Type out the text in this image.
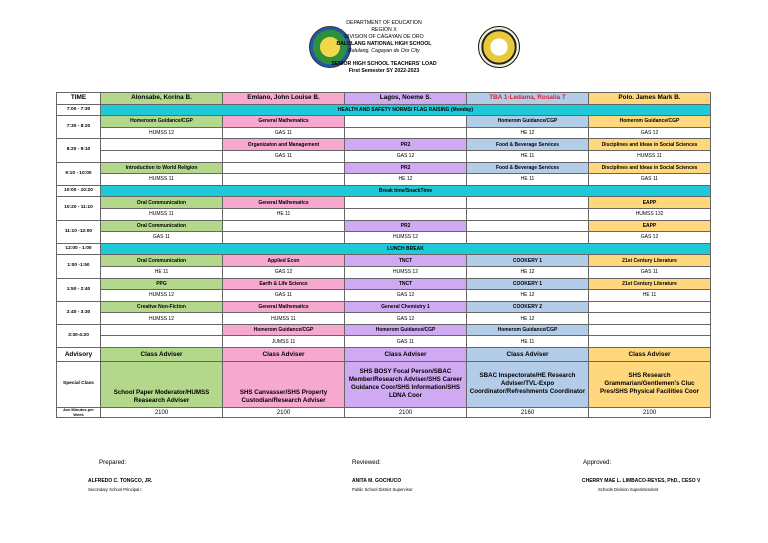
DEPARTMENT OF EDUCATION
REGION X
DIVISION OF CAGAYAN DE ORO
BALULANG NATIONAL HIGH SCHOOL
Balulang, Cagayan de Oro City
SENIOR HIGH SCHOOL TEACHERS' LOAD
First Semester SY 2022-2023
TIME	Alonsabe, Korina B.	Emlano, John Louise B.	Lagos, Noeme S.	TBA 1-Ledama, Rosalia T	Polo. James Mark B.
7:00 - 7:30	HEALTH AND SAFETY NORMS/ FLAG RAISING (Monday)				
7:30 - 8:20	Homeroom Guidance/CGP	General Mathematics		Homerom Guidance/CGP	Homerom Guidance/CGP
	HUMSS 12	GAS 11		HE 12	GAS 12
8:20 - 9:10		Organizaton and Management	PR2	Food & Beverage Services	Disciplines and Ideas in Social Sciences
		GAS 11	GAS 12	HE 11	HUMSS 11
9:10 - 10:00	Introduction to World Religion		PR2	Food & Beverage Services	Disciplines and Ideas in Social Sciences
	HUMSS 11		HE 12	HE 11	GAS 11
10:00 - 10:20	Break time/SnackTime				
10:20 - 11:10	Oral Communication	General Mathematics			EAPP
	HUMSS 11	HE 11			HUMSS 132
11:10 -12:00	Oral Communication		PR2		EAPP
	GAS 11		HUMSS 12		GAS 12
12:00 - 1:00	LUNCH BREAK				
1:00 -1:50	Oral Communication	Applied Econ	TNCT	COOKERY 1	21st Century Literature
	HE 11	GAS 12	HUMSS 12	HE 12	GAS 11
1:50 - 2:40	PPG	Earth & Life Science	TNCT	COOKERY 1	21st Century Literature
	HUMSS 12	GAS 11	GAS 12	HE 12	HE 11
2:40 - 3:30	Creative Non-Fiction	General Mathematics	General Chemistry 1	COOKERY 2	
	HUMSS 12	HUMSS 11	GAS 12	HE 12	
3:30-4:20		Homerom Guidance/CGP	Homerom Guidance/CGP	Homerom Guidance/CGP	
		JUMSS 11	GAS 11	HE 11	
Advisory	Class Adviser	Class Adviser	Class Adviser	Class Adviser	Class Adviser
Special Class	School Paper Moderator/HUMSS Reasearch Adviser	SHS Canvasser/SHS Property Custodian/Research Adviser	SHS BOSY Focal Person/SBAC Member/Research Adviser/SHS Career Guidance Coor/SHS Information/SHS LDNA Coor	SBAC Inspectorate/HE Research Adviser/TVL-Expo Coordinator/Refreshments Coordinator	SHS Research Grammarian/Gentlemen's Cluc Pres/SHS Physical Facilities Coor
Ave Minutes per Week	2100	2100	2100	2160	2100
Prepared:	Reviewed:	Approved:
ALFREDO C. TONGCO, JR.
Secondary School Principal I
ANITA M. GOCHUCO
Public School District Supervisor
CHERRY MAE L. LIMBACO-REYES, PhD., CESO V
Schools Division Superintendent
